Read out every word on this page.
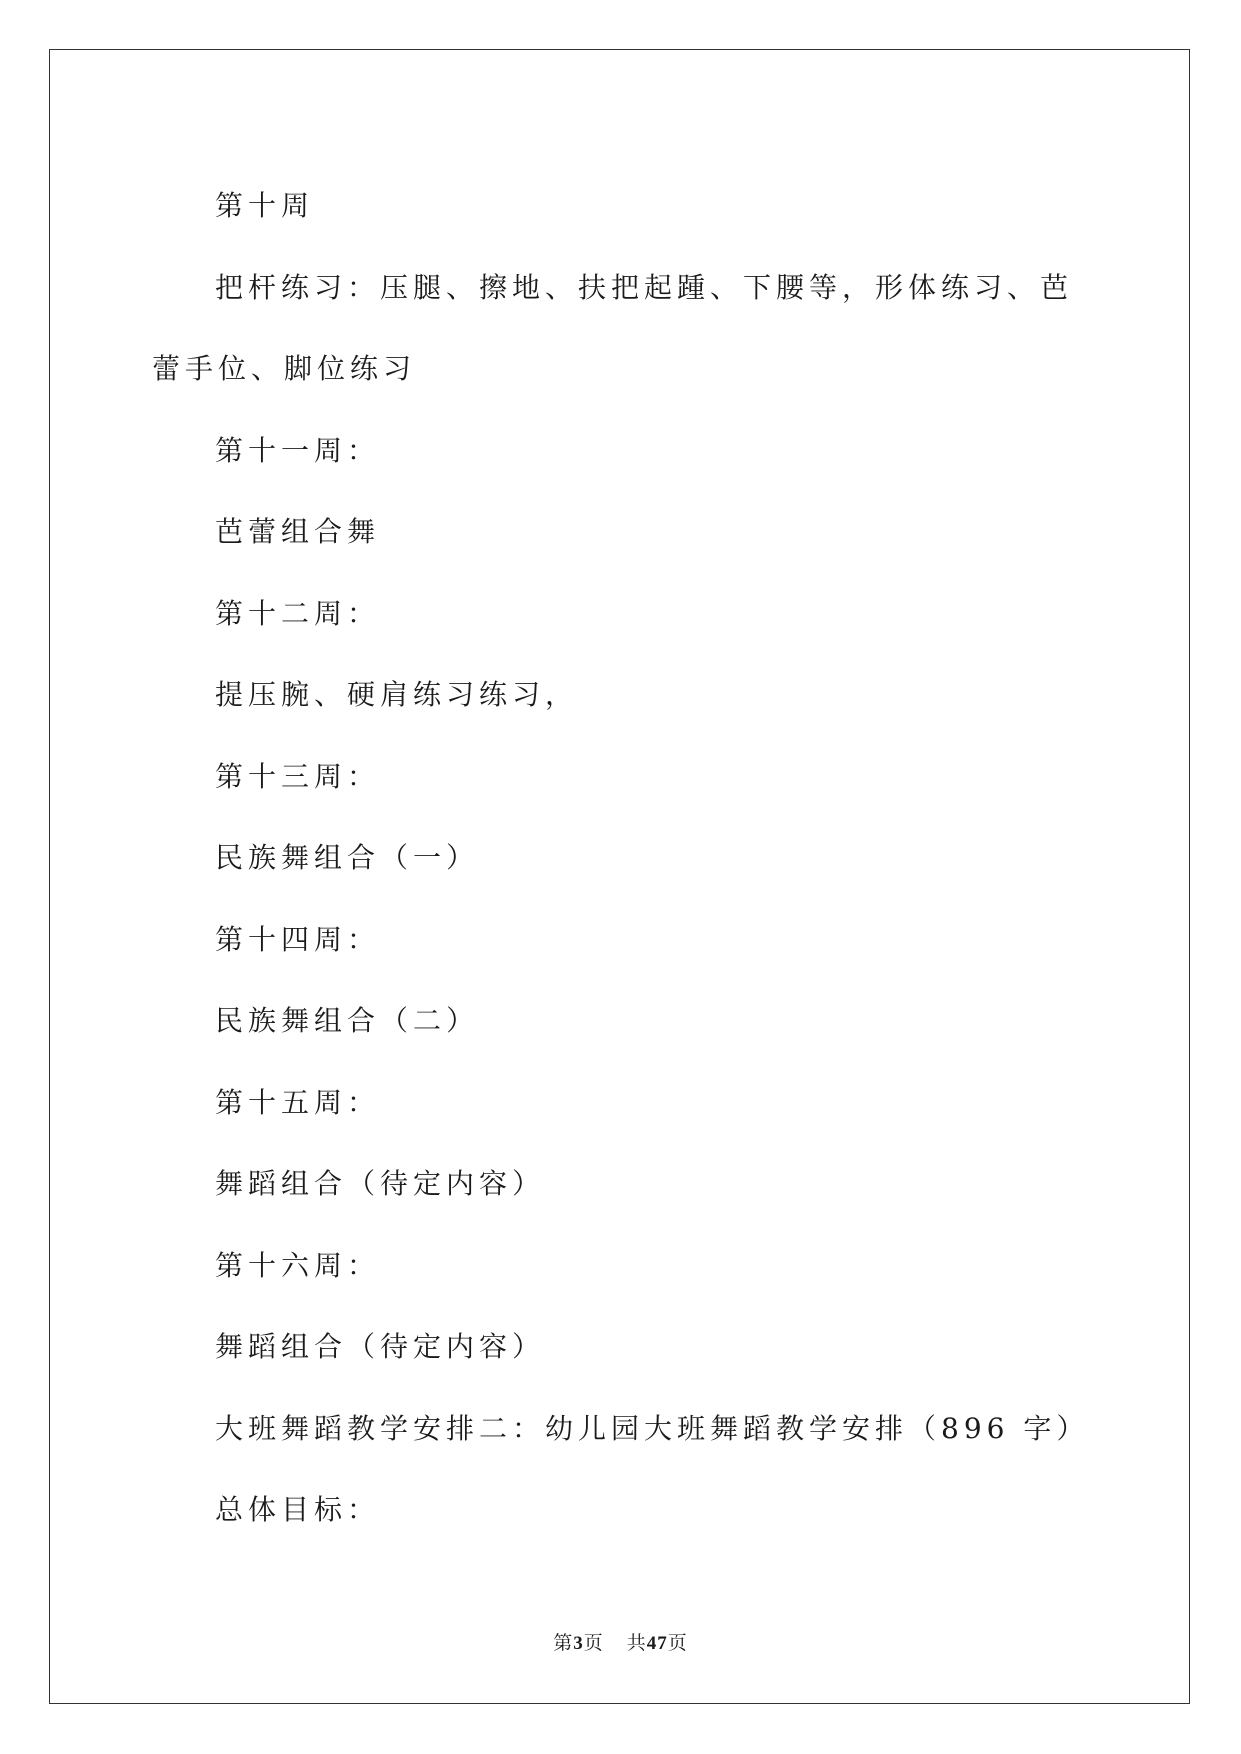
第十周

把杆练习：压腿、擦地、扶把起踵、下腰等，形体练习、芭蕾手位、脚位练习

第十一周：

芭蕾组合舞

第十二周：

提压腕、硬肩练习练习，

第十三周：

民族舞组合（一）

第十四周：

民族舞组合（二）

第十五周：

舞蹈组合（待定内容）

第十六周：

舞蹈组合（待定内容）

大班舞蹈教学安排二：幼儿园大班舞蹈教学安排（896 字）

总体目标：

第3页 共47页
